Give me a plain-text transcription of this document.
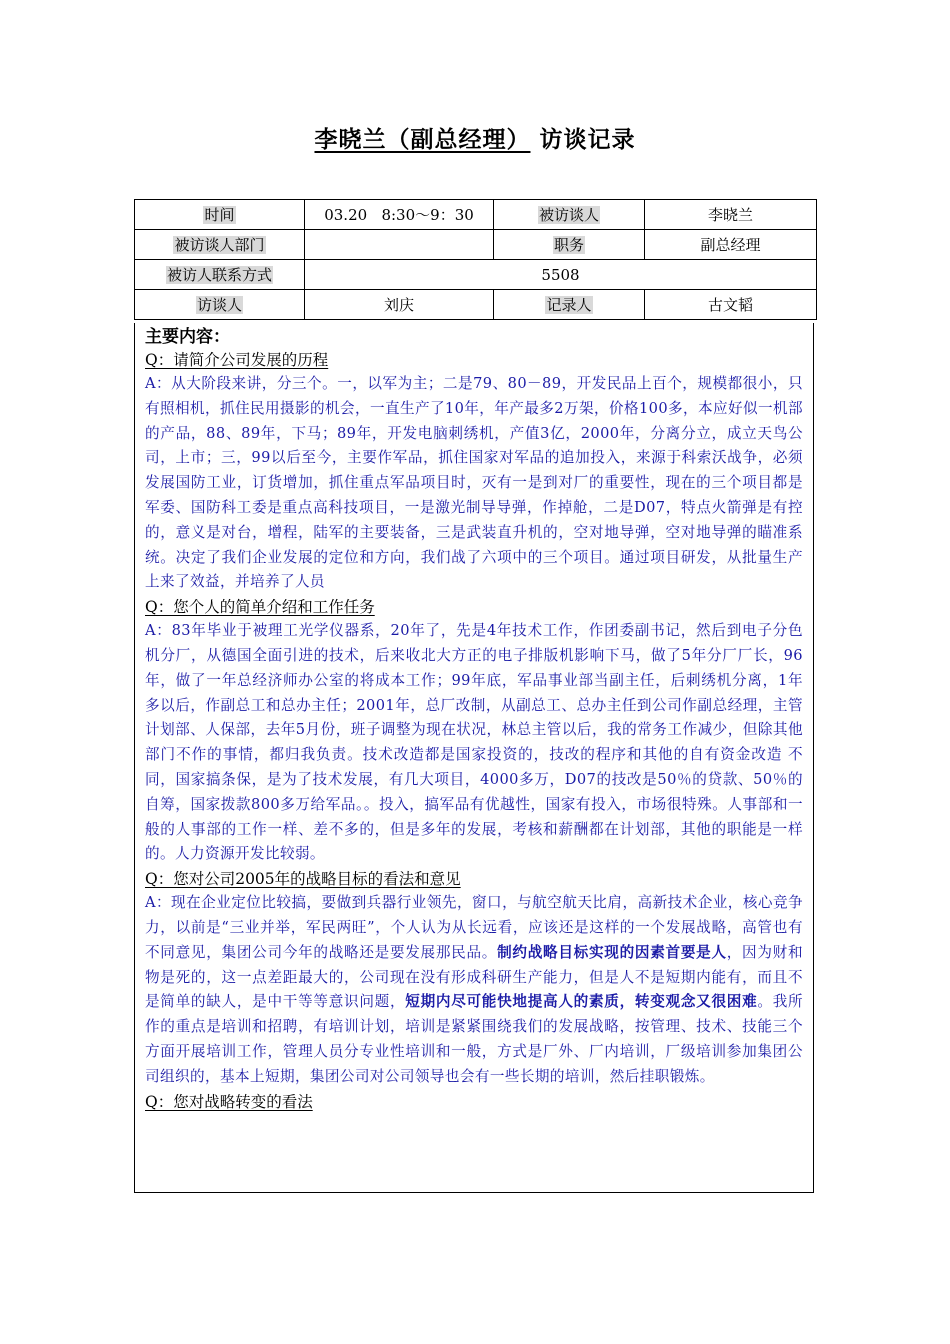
李晓兰（副总经理） 访谈记录
时间	03.20   8:30～9：30	被访谈人	李晓兰
被访谈人部门		职务	副总经理
被访人联系方式	5508		
访谈人	刘庆	记录人	古文韬
主要内容：
Q：请简介公司发展的历程
A：从大阶段来讲，分三个。一，以军为主；二是79、80－89，开发民品上百个，规模都很小，只有照相机，抓住民用摄影的机会，一直生产了10年，年产最多2万架，价格100多，本应好似一机部的产品，88、89年，下马；89年，开发电脑刺绣机，产值3亿，2000年，分离分立，成立天鸟公司，上市；三，99以后至今，主要作军品，抓住国家对军品的追加投入，来源于科索沃战争，必须发展国防工业，订货增加，抓住重点军品项目时，灭有一是到对厂的重要性，现在的三个项目都是军委、国防科工委是重点高科技项目，一是激光制导导弹，作掉舱，二是D07，特点火箭弹是有控的，意义是对台，增程，陆军的主要装备，三是武装直升机的，空对地导弹，空对地导弹的瞄准系统。决定了我们企业发展的定位和方向，我们战了六项中的三个项目。通过项目研发，从批量生产上来了效益，并培养了人员
Q：您个人的简单介绍和工作任务
A：83年毕业于被理工光学仪器系，20年了，先是4年技术工作，作团委副书记，然后到电子分色机分厂，从德国全面引进的技术，后来收北大方正的电子排版机影响下马，做了5年分厂厂长，96年，做了一年总经济师办公室的将成本工作；99年底，军品事业部当副主任，后刺绣机分离，1年多以后，作副总工和总办主任；2001年，总厂改制，从副总工、总办主任到公司作副总经理，主管计划部、人保部，去年5月份，班子调整为现在状况，林总主管以后，我的常务工作减少，但除其他部门不作的事情，都归我负责。技术改造都是国家投资的，技改的程序和其他的自有资金改造 不同，国家搞条保，是为了技术发展，有几大项目，4000多万，D07的技改是50％的贷款、50％的自筹，国家拨款800多万给军品。。投入，搞军品有优越性，国家有投入，市场很特殊。人事部和一般的人事部的工作一样、差不多的，但是多年的发展，考核和薪酬都在计划部，其他的职能是一样的。人力资源开发比较弱。
Q：您对公司2005年的战略目标的看法和意见
A：现在企业定位比较搞，要做到兵器行业领先，窗口，与航空航天比肩，高新技术企业，核心竞争力，以前是“三业并举，军民两旺”，个人认为从长远看，应该还是这样的一个发展战略，高管也有不同意见，集团公司今年的战略还是要发展那民品。制约战略目标实现的因素首要是人，因为财和物是死的，这一点差距最大的，公司现在没有形成科研生产能力，但是人不是短期内能有，而且不是简单的缺人，是中干等等意识问题，短期内尽可能快地提高人的素质，转变观念又很困难。我所作的重点是培训和招聘，有培训计划，培训是紧紧围绕我们的发展战略，按管理、技术、技能三个方面开展培训工作，管理人员分专业性培训和一般，方式是厂外、厂内培训，厂级培训参加集团公司组织的，基本上短期，集团公司对公司领导也会有一些长期的培训，然后挂职锻炼。
Q：您对战略转变的看法
